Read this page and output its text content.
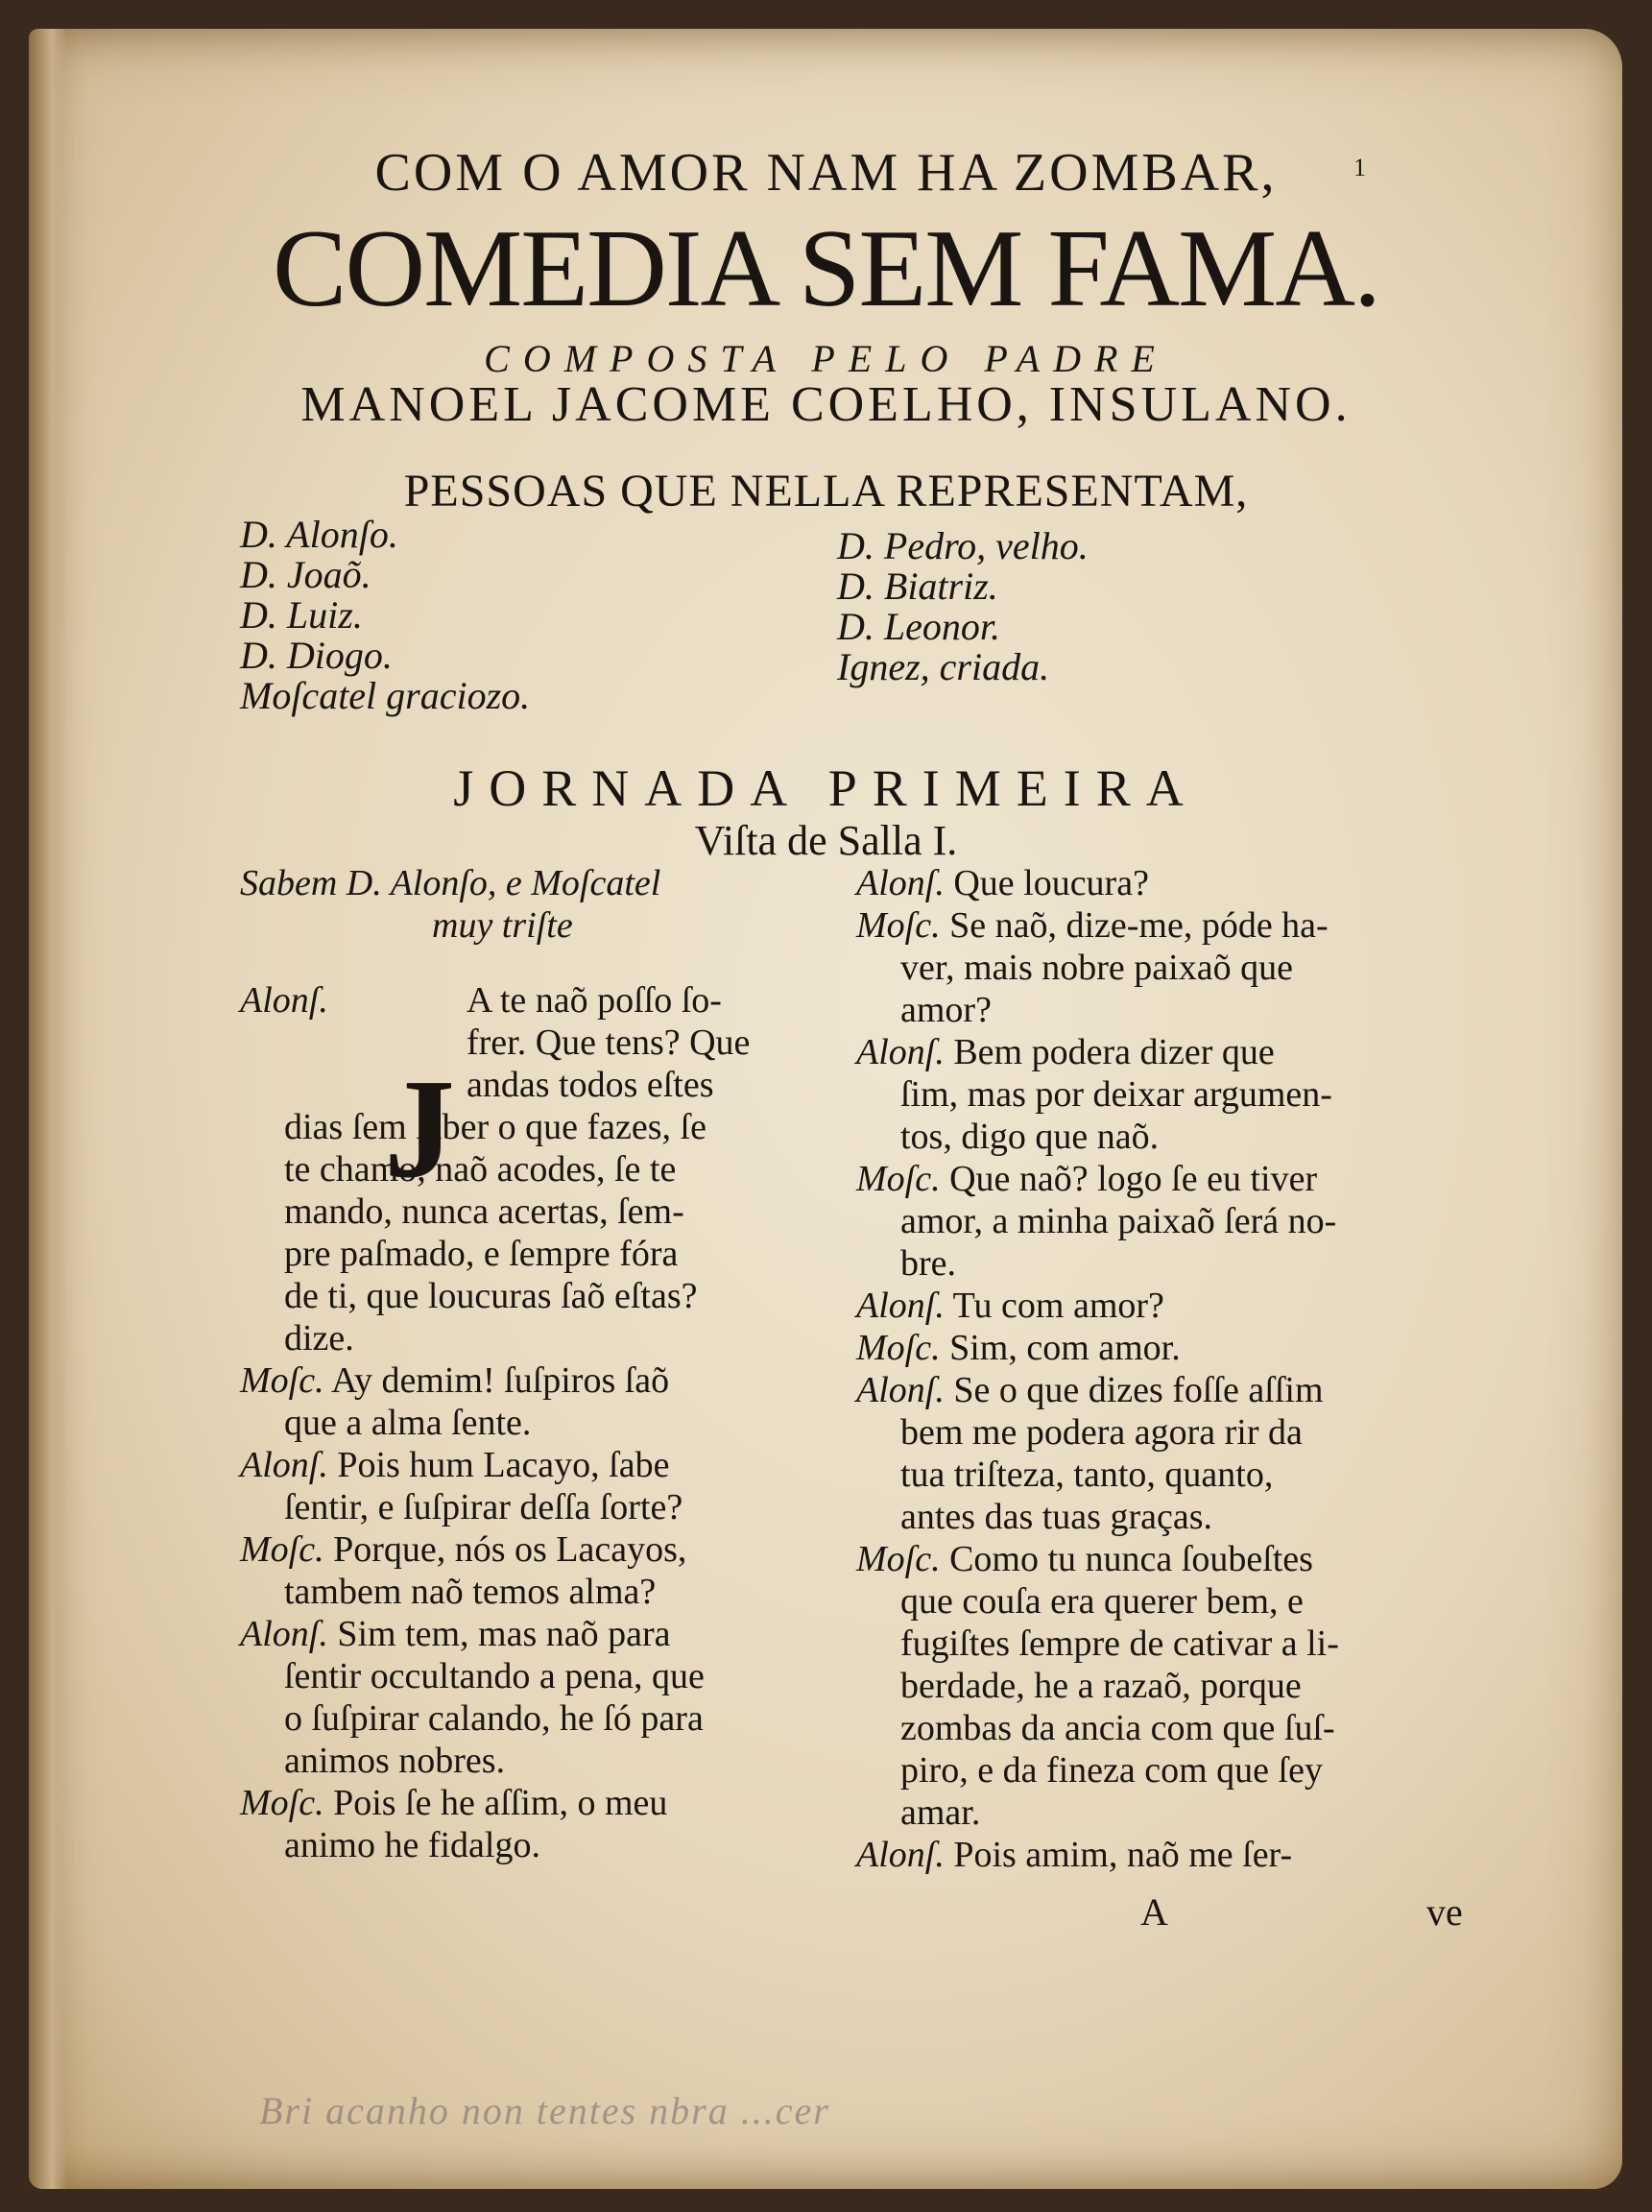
COM O AMOR NAM HA ZOMBAR,	1
COMEDIA SEM FAMA.
COMPOSTA PELO PADRE
MANOEL JACOME COELHO, INSULANO.
PESSOAS QUE NELLA REPRESENTAM,
D. Alonſo.
D. Joaõ.
D. Luiz.
D. Diogo.
Moſcatel graciozo.
D. Pedro, velho.
D. Biatriz.
D. Leonor.
Ignez, criada.
JORNADA PRIMEIRA
Viſta de Salla I.
Sabem D. Alonſo, e Moſcatel
muy triſte
Alonſ.
J
A te naõ poſſo ſo-
frer. Que tens? Que
andas todos eſtes
dias ſem ſaber o que fazes, ſe
te chamo, naõ acodes, ſe te
mando, nunca acertas, ſem-
pre paſmado, e ſempre fóra
de ti, que loucuras ſaõ eſtas?
dize.
Moſc. Ay demim! ſuſpiros ſaõ
que a alma ſente.
Alonſ. Pois hum Lacayo, ſabe
ſentir, e ſuſpirar deſſa ſorte?
Moſc. Porque, nós os Lacayos,
tambem naõ temos alma?
Alonſ. Sim tem, mas naõ para
ſentir occultando a pena, que
o ſuſpirar calando, he ſó para
animos nobres.
Moſc. Pois ſe he aſſim, o meu
animo he fidalgo.
Alonſ. Que loucura?
Moſc. Se naõ, dize-me, póde ha-
ver, mais nobre paixaõ que
amor?
Alonſ. Bem podera dizer que
ſim, mas por deixar argumen-
tos, digo que naõ.
Moſc. Que naõ? logo ſe eu tiver
amor, a minha paixaõ ſerá no-
bre.
Alonſ. Tu com amor?
Moſc. Sim, com amor.
Alonſ. Se o que dizes foſſe aſſim
bem me podera agora rir da
tua triſteza, tanto, quanto,
antes das tuas graças.
Moſc. Como tu nunca ſoubeſtes
que couſa era querer bem, e
fugiſtes ſempre de cativar a li-
berdade, he a razaõ, porque
zombas da ancia com que ſuſ-
piro, e da fineza com que ſey
amar.
Alonſ. Pois amim, naõ me ſer-
A	ve
Bri acanho non tentes nbra ...cer
